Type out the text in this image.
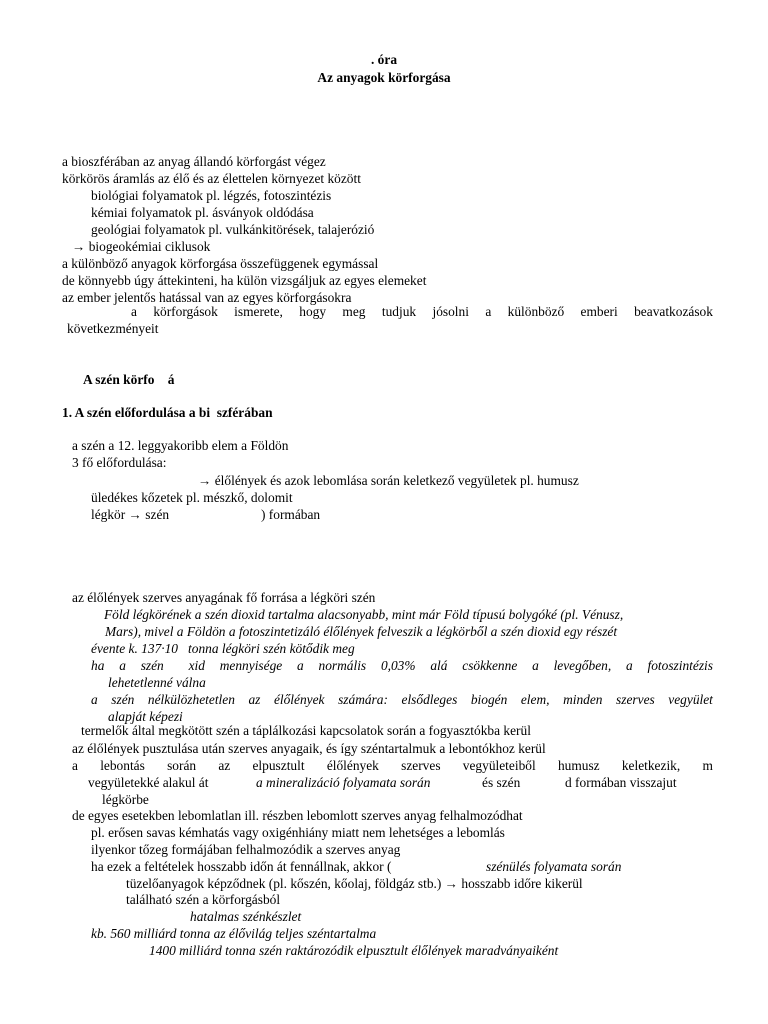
. óra
Az anyagok körforgása
a bioszférában az anyag állandó körforgást végez
körkörös áramlás az élő és az élettelen környezet között
biológiai folyamatok pl. légzés, fotoszintézis
kémiai folyamatok pl. ásványok oldódása
geológiai folyamatok pl. vulkánkitörések, talajerózió
→ biogeokémiai ciklusok
a különböző anyagok körforgása összefüggenek egymással
de könnyebb úgy áttekinteni, ha külön vizsgáljuk az egyes elemeket
az ember jelentős hatással van az egyes körforgásokra
a körforgások ismerete, hogy meg tudjuk jósolni a különböző emberi beavatkozások
következményeit
A szén körfo    á
1. A szén előfordulása a bi  szférában
a szén a 12. leggyakoribb elem a Földön
3 fő előfordulása:
→ élőlények és azok lebomlása során keletkező vegyületek pl. humusz
üledékes kőzetek pl. mészkő, dolomit
légkör → szén	) formában
az élőlények szerves anyagának fő forrása a légköri szén
Föld légkörének a szén dioxid tartalma alacsonyabb, mint már Föld típusú bolygóké (pl. Vénusz,
Mars), mivel a Földön a fotoszintetizáló élőlények felveszik a légkörből a szén dioxid egy részét
évente k. 137·10   tonna légköri szén kötődik meg
ha a szén xid mennyisége a normális 0,03% alá csökkenne a levegőben, a fotoszintézis
lehetetlenné válna
a szén nélkülözhetetlen az élőlények számára: elsődleges biogén elem, minden szerves vegyület
alapját képezi
termelők által megkötött szén a táplálkozási kapcsolatok során a fogyasztókba kerül
az élőlények pusztulása után szerves anyagaik, és így széntartalmuk a lebontókhoz kerül
a lebontás során az elpusztult élőlények szerves vegyületeiből humusz keletkezik, m
vegyületekké alakul át	a mineralizáció folyamata során	és szén	d formában visszajut
légkörbe
de egyes esetekben lebomlatlan ill. részben lebomlott szerves anyag felhalmozódhat
pl. erősen savas kémhatás vagy oxigénhiány miatt nem lehetséges a lebomlás
ilyenkor tőzeg formájában felhalmozódik a szerves anyag
ha ezek a feltételek hosszabb időn át fennállnak, akkor (	szénülés folyamata során
tüzelőanyagok képződnek (pl. kőszén, kőolaj, földgáz stb.) → hosszabb időre kikerül
található szén a körforgásból
hatalmas szénkészlet
kb. 560 milliárd tonna az élővilág teljes széntartalma
1400 milliárd tonna szén raktározódik elpusztult élőlények maradványaiként
